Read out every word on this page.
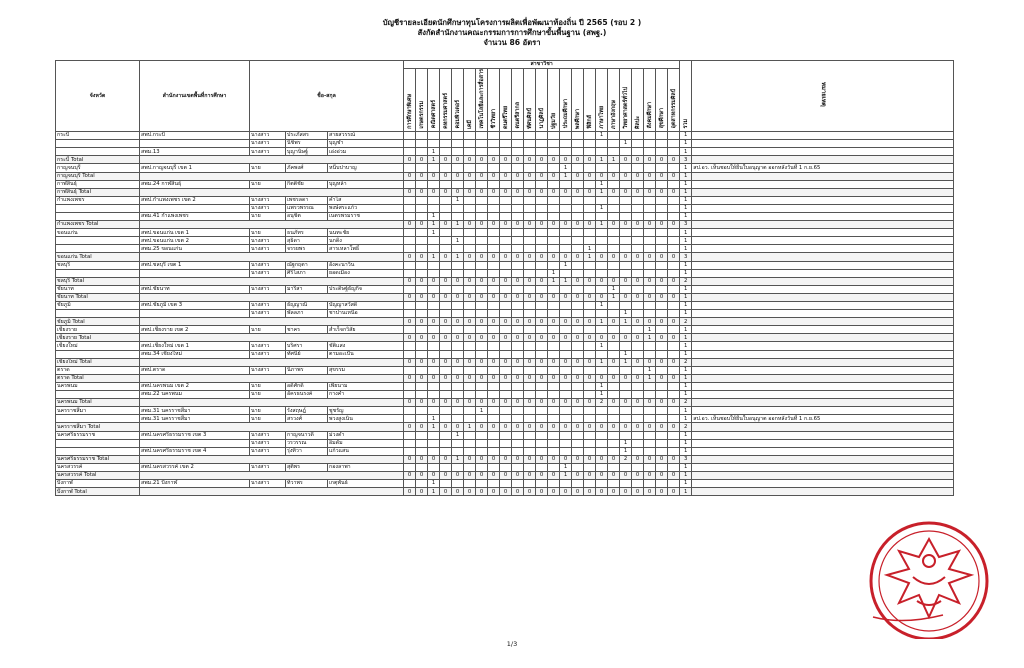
บัญชีรายละเอียดนักศึกษาทุนโครงการผลิตเพื่อพัฒนาท้องถิ่น ปี 2565 (รอบ 2 )
สังกัดสำนักงานคณะกรรมการการศึกษาขั้นพื้นฐาน (สพฐ.)
จำนวน 86 อัตรา
จังหวัด	สำนักงานเขตพื้นที่การศึกษา	ชื่อ-สกุล			สาขาวิชา																							รวม	หมายเหตุ
					การศึกษาพิเศษ	เกษตรกรรม	คณิตศาสตร์	คหกรรมศาสตร์	คอมพิวเตอร์	เคมี	เทคโนโลยีและการสื่อสาร	ชีววิทยา	ดนตรีไทย	ดนตรีสากล	ทัศนศิลป์	นาฏศิลป์	ปฐมวัย	ประถมศึกษา	พลศึกษา	ฟิสิกส์	ภาษาไทย	ภาษาอังกฤษ	วิทยาศาสตร์ทั่วไป	ศิลปะ	สังคมศึกษา	สุขศึกษา	อุตสาหกรรมศิลป์		
กระบี่	สพป.กระบี่	นางสาว	ประภัสสร	สายสวรรณ์																	1							1	
		นางสาว	นิชิพร	บุญชำ																			1					1	
	สพม.13	นางสาว	บุญานิษฐ์	เอ่งอ่วม			1																					1	
กระบี่ Total					0	0	1	0	0	0	0	0	0	0	0	0	0	0	0	0	1	1	0	0	0	0	0	3	
กาญจนบุรี	สพป.กาญจนบุรี เขต 1	นาย	ภัคพงศ์	หนีบปาบาญ														1										1	สป.อว. เห็นชอบให้ยืนใบอนุญาต ออกหลังวันที่ 1 ก.ย.65
กาญจนบุรี Total					0	0	0	0	0	0	0	0	0	0	0	0	0	1	0	0	0	0	0	0	0	0	0	1	
กาฬสินธุ์	สพม.24 กาฬสินธุ์	นาย	กิตติชัย	บุญหล้า																	1							1	
กาฬสินธุ์ Total					0	0	0	0	0	0	0	0	0	0	0	0	0	0	0	0	1	0	0	0	0	0	0	1	
กำแพงเพชร	สพป.กำแพงเพชร เขต 2	นางสาว	เพชรลดา	คำไส					1																			1	
		นางสาว	แพรวพรรณ	พงษ์สระแก้ว																	1							1	
	สพม.41 กำแพงเพชร	นาย	อนุชิต	เนตรพรมราช			1																					1	
กำแพงเพชร Total					0	0	1	0	1	0	0	0	0	0	0	0	0	0	0	0	1	0	0	0	0	0	0	3	
ขอนแก่น	สพป.ขอนแก่น เขต 1	นาย	ธนภัทร	นนทะชัย			1																					1	
	สพป.ขอนแก่น เขต 2	นางสาว	สุธิดา	นกดิ่ง					1																			1	
	สพม.25 ขอนแก่น	นางสาว	จรรยพร	สารเหลาโพธิ์																1								1	
ขอนแก่น Total					0	0	1	0	1	0	0	0	0	0	0	0	0	0	0	1	0	0	0	0	0	0	0	3	
ชลบุรี	สพป.ชลบุรี เขต 1	นางสาว	ณัฐกฤตา	อังคะนาวิน														1										1	
		นางสาว	ศิริโสภา	ยอดเมือง													1											1	
ชลบุรี Total					0	0	0	0	0	0	0	0	0	0	0	0	1	1	0	0	0	0	0	0	0	0	0	2	
ชัยนาท	สพป.ชัยนาท	นางสาว	มารีสา	ประดิษฐ์ธัญกิจ																		1						1	
ชัยนาท Total					0	0	0	0	0	0	0	0	0	0	0	0	0	0	0	0	0	1	0	0	0	0	0	1	
ชัยภูมิ	สพป.ชัยภูมิ เขต 3	นางสาว	ธัญญาณี	บัญญาสวัสดิ์																	1							1	
		นางสาว	พัลลภา	ชาปานเหนือ																			1					1	
ชัยภูมิ Total					0	0	0	0	0	0	0	0	0	0	0	0	0	0	0	0	1	0	1	0	0	0	0	2	
เชียงราย	สพป.เชียงราย เขต 2	นาย	ชาคร	สำเร็จกวิสัย																					1			1	
เชียงราย Total					0	0	0	0	0	0	0	0	0	0	0	0	0	0	0	0	0	0	0	0	1	0	0	1	
เชียงใหม่	สพป.เชียงใหม่ เขต 1	นางสาว	บริศรา	ชัติแสง																	1							1	
	สพม.34 เชียงใหม่	นางสาว	ทัศนีย์	ตามอะเป็น																			1					1	
เชียงใหม่ Total					0	0	0	0	0	0	0	0	0	0	0	0	0	0	0	0	1	0	1	0	0	0	0	2	
ตราด	สพป.ตราด	นางสาว	นิภาพร	สุขรรม																					1			1	
ตราด Total					0	0	0	0	0	0	0	0	0	0	0	0	0	0	0	0	0	0	0	0	1	0	0	1	
นครพนม	สพป.นครพนม เขต 2	นาย	อดิศักดิ์	เพียนาม																	1							1	
	สพม.22 นครพนม	นาย	อัครธนรงค์	กางคำ																	1							1	
นครพนม Total					0	0	0	0	0	0	0	0	0	0	0	0	0	0	0	0	2	0	0	0	0	0	0	2	
นครราชสีมา	สพม.31 นครราชสีมา	นาย	รังสฤษฎ์	ชูชรัญ							1																	1	
	สพม.31 นครราชสีมา	นาย	สรวงศ์	พวงสูงเนิน			1																					1	สป.อว. เห็นชอบให้ยืนใบอนุญาต ออกหลังวันที่ 1 ก.ย.65
นครราชสีมา Total					0	0	1	0	0	1	0	0	0	0	0	0	0	0	0	0	0	0	0	0	0	0	0	2	
นครศรีธรรมราช	สพป.นครศรีธรรมราช เขต 3	นางสาว	กาญจนาวดี	ม่วงดำ					1																			1	
		นางสาว	วรวรรณ	อิ่มดัม																			1					1	
	สพป.นครศรีธรรมราช เขต 4	นางสาว	รุ่งทิวา	แก้วแสน																			1					1	
นครศรีธรรมราช Total					0	0	0	0	1	0	0	0	0	0	0	0	0	0	0	0	0	0	2	0	0	0	0	3	
นครสวรรค์	สพป.นครสวรรค์ เขต 2	นางสาว	สุติพร	กองลาพา														1										1	
นครสวรรค์ Total					0	0	0	0	0	0	0	0	0	0	0	0	0	1	0	0	0	0	0	0	0	0	0	1	
บึงกาฬ	สพม.21 บึงกาฬ	นางสาว	ทิวาพร	เกตุพันธ์			1																					1	
บึงกาฬ Total					0	0	1	0	0	0	0	0	0	0	0	0	0	0	0	0	0	0	0	0	0	0	0	1	
1/3
